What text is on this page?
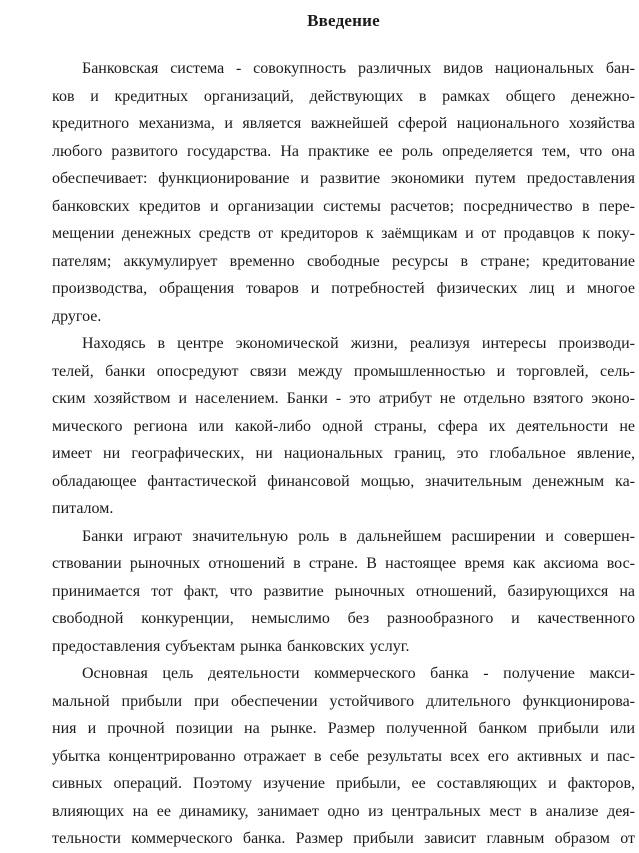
Введение
Банковская система - совокупность различных видов национальных бан-
ков и кредитных организаций, действующих в рамках общего денежно-
кредитного механизма, и является важнейшей сферой национального хозяйства
любого развитого государства. На практике ее роль определяется тем, что она
обеспечивает: функционирование и развитие экономики путем предоставления
банковских кредитов и организации системы расчетов; посредничество в пере-
мещении денежных средств от кредиторов к заёмщикам и от продавцов к поку-
пателям; аккумулирует временно свободные ресурсы в стране; кредитование
производства, обращения товаров и потребностей физических лиц и многое
другое.
Находясь в центре экономической жизни, реализуя интересы производи-
телей, банки опосредуют связи между промышленностью и торговлей, сель-
ским хозяйством и населением. Банки - это атрибут не отдельно взятого эконо-
мического региона или какой-либо одной страны, сфера их деятельности не
имеет ни географических, ни национальных границ, это глобальное явление,
обладающее фантастической финансовой мощью, значительным денежным ка-
питалом.
Банки играют значительную роль в дальнейшем расширении и совершен-
ствовании рыночных отношений в стране. В настоящее время как аксиома вос-
принимается тот факт, что развитие рыночных отношений, базирующихся на
свободной конкуренции, немыслимо без разнообразного и качественного
предоставления субъектам рынка банковских услуг.
Основная цель деятельности коммерческого банка - получение макси-
мальной прибыли при обеспечении устойчивого длительного функционирова-
ния и прочной позиции на рынке. Размер полученной банком прибыли или
убытка концентрированно отражает в себе результаты всех его активных и пас-
сивных операций. Поэтому изучение прибыли, ее составляющих и факторов,
влияющих на ее динамику, занимает одно из центральных мест в анализе дея-
тельности коммерческого банка. Размер прибыли зависит главным образом от
